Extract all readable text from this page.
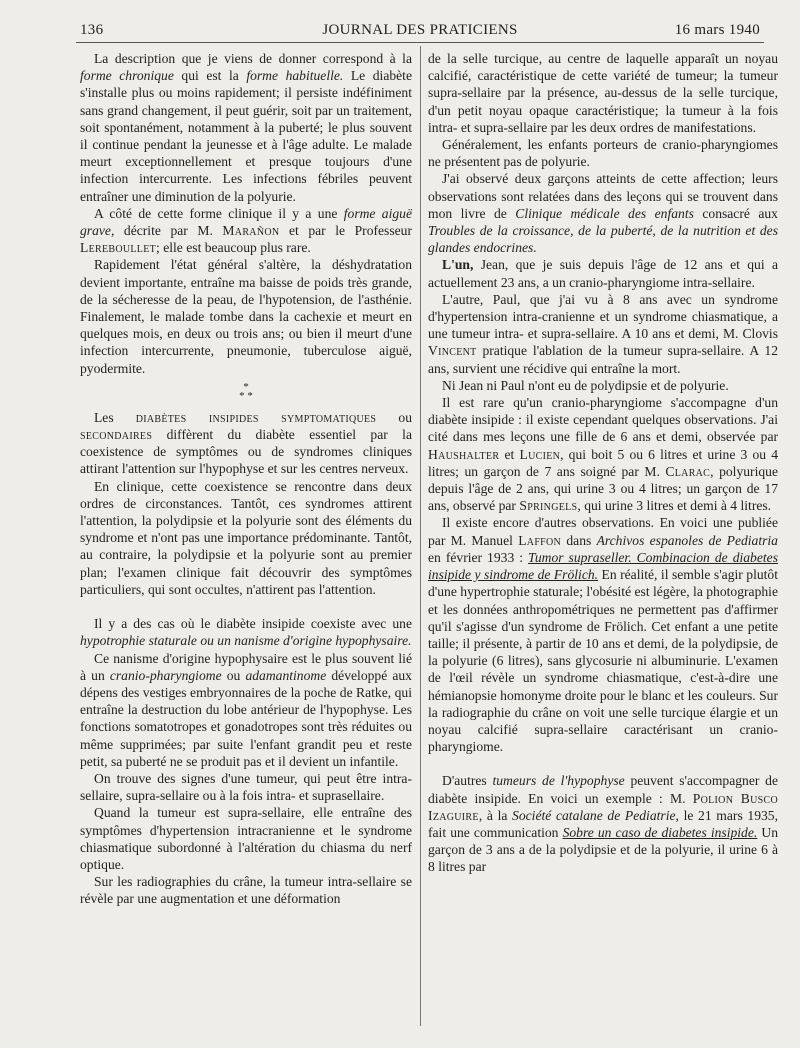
136	JOURNAL DES PRATICIENS	16 mars 1940

La description que je viens de donner correspond à la forme chronique qui est la forme habituelle. Le diabète s'installe plus ou moins rapidement; il persiste indéfiniment sans grand changement, il peut guérir, soit par un traitement, soit spontanément, notamment à la puberté; le plus souvent il continue pendant la jeunesse et à l'âge adulte. Le malade meurt exceptionnellement et presque toujours d'une infection intercurrente. Les infections fébriles peuvent entraîner une diminution de la polyurie.

A côté de cette forme clinique il y a une forme aiguë grave, décrite par M. Marañon et par le Professeur Lereboullet; elle est beaucoup plus rare.

Rapidement l'état général s'altère, la déshydratation devient importante, entraîne ma baisse de poids très grande, de la sécheresse de la peau, de l'hypotension, de l'asthénie. Finalement, le malade tombe dans la cachexie et meurt en quelques mois, en deux ou trois ans; ou bien il meurt d'une infection intercurrente, pneumonie, tuberculose aiguë, pyodermite.

*
* *

Les diabètes insipides symptomatiques ou secondaires diffèrent du diabète essentiel par la coexistence de symptômes ou de syndromes cliniques attirant l'attention sur l'hypophyse et sur les centres nerveux.

En clinique, cette coexistence se rencontre dans deux ordres de circonstances. Tantôt, ces syndromes attirent l'attention, la polydipsie et la polyurie sont des éléments du syndrome et n'ont pas une importance prédominante. Tantôt, au contraire, la polydipsie et la polyurie sont au premier plan; l'examen clinique fait découvrir des symptômes particuliers, qui sont occultes, n'attirent pas l'attention.

Il y a des cas où le diabète insipide coexiste avec une hypotrophie staturale ou un nanisme d'origine hypophysaire.

Ce nanisme d'origine hypophysaire est le plus souvent lié à un cranio-pharyngiome ou adamantinome développé aux dépens des vestiges embryonnaires de la poche de Ratke, qui entraîne la destruction du lobe antérieur de l'hypophyse. Les fonctions somatotropes et gonadotropes sont très réduites ou même supprimées; par suite l'enfant grandit peu et reste petit, sa puberté ne se produit pas et il devient un infantile.

On trouve des signes d'une tumeur, qui peut être intra-sellaire, supra-sellaire ou à la fois intra- et suprasellaire.

Quand la tumeur est supra-sellaire, elle entraîne des symptômes d'hypertension intracranienne et le syndrome chiasmatique subordonné à l'altération du chiasma du nerf optique.

Sur les radiographies du crâne, la tumeur intra-sellaire se révèle par une augmentation et une déformation

de la selle turcique, au centre de laquelle apparaît un noyau calcifié, caractéristique de cette variété de tumeur; la tumeur supra-sellaire par la présence, au-dessus de la selle turcique, d'un petit noyau opaque caractéristique; la tumeur à la fois intra- et supra-sellaire par les deux ordres de manifestations.

Généralement, les enfants porteurs de cranio-pharyngiomes ne présentent pas de polyurie.

J'ai observé deux garçons atteints de cette affection; leurs observations sont relatées dans des leçons qui se trouvent dans mon livre de Clinique médicale des enfants consacré aux Troubles de la croissance, de la puberté, de la nutrition et des glandes endocrines.

L'un, Jean, que je suis depuis l'âge de 12 ans et qui a actuellement 23 ans, a un cranio-pharyngiome intra-sellaire.

L'autre, Paul, que j'ai vu à 8 ans avec un syndrome d'hypertension intra-cranienne et un syndrome chiasmatique, a une tumeur intra- et supra-sellaire. A 10 ans et demi, M. Clovis Vincent pratique l'ablation de la tumeur supra-sellaire. A 12 ans, survient une récidive qui entraîne la mort.

Ni Jean ni Paul n'ont eu de polydipsie et de polyurie.

Il est rare qu'un cranio-pharyngiome s'accompagne d'un diabète insipide : il existe cependant quelques observations. J'ai cité dans mes leçons une fille de 6 ans et demi, observée par Haushalter et Lucien, qui boit 5 ou 6 litres et urine 3 ou 4 litres; un garçon de 7 ans soigné par M. Clarac, polyurique depuis l'âge de 2 ans, qui urine 3 ou 4 litres; un garçon de 17 ans, observé par Springels, qui urine 3 litres et demi à 4 litres.

Il existe encore d'autres observations. En voici une publiée par M. Manuel Laffon dans Archivos espanoles de Pediatria en février 1933 : Tumor supraseller. Combinacion de diabetes insipide y sindrome de Frölich. En réalité, il semble s'agir plutôt d'une hypertrophie staturale; l'obésité est légère, la photographie et les données anthropométriques ne permettent pas d'affirmer qu'il s'agisse d'un syndrome de Frölich. Cet enfant a une petite taille; il présente, à partir de 10 ans et demi, de la polydipsie, de la polyurie (6 litres), sans glycosurie ni albuminurie. L'examen de l'œil révèle un syndrome chiasmatique, c'est-à-dire une hémianopsie homonyme droite pour le blanc et les couleurs. Sur la radiographie du crâne on voit une selle turcique élargie et un noyau calcifié supra-sellaire caractérisant un cranio-pharyngiome.

D'autres tumeurs de l'hypophyse peuvent s'accompagner de diabète insipide. En voici un exemple : M. Polion Busco Izaguire, à la Société catalane de Pediatrie, le 21 mars 1935, fait une communication Sobre un caso de diabetes insipide. Un garçon de 3 ans a de la polydipsie et de la polyurie, il urine 6 à 8 litres par
